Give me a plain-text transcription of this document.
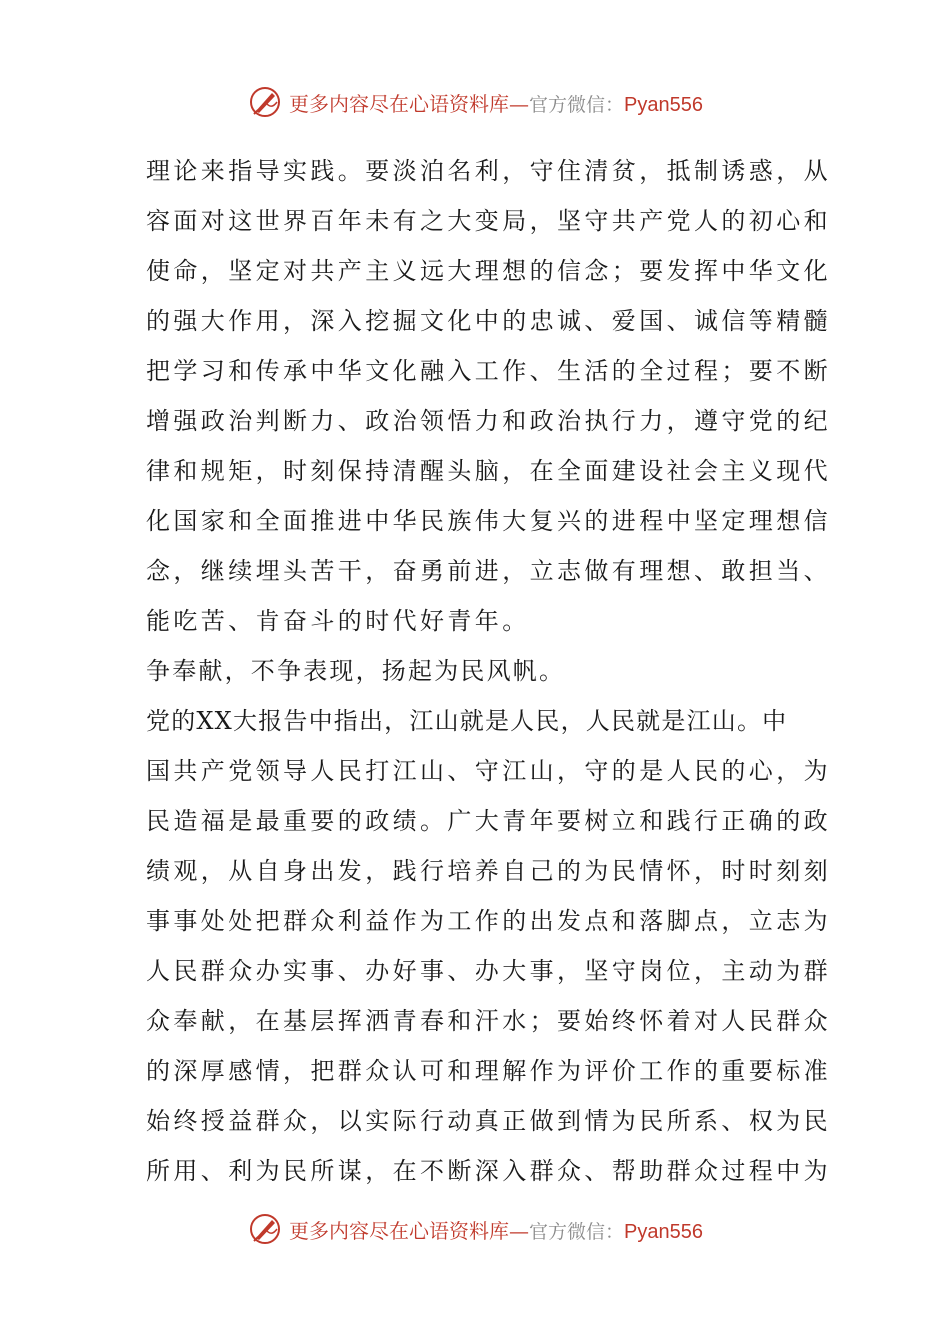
更多内容尽在心语资料库—官方微信：Pyan556
理论来指导实践。要淡泊名利，守住清贫，抵制诱惑，从
容面对这世界百年未有之大变局，坚守共产党人的初心和
使命，坚定对共产主义远大理想的信念；要发挥中华文化
的强大作用，深入挖掘文化中的忠诚、爱国、诚信等精髓
把学习和传承中华文化融入工作、生活的全过程；要不断
增强政治判断力、政治领悟力和政治执行力，遵守党的纪
律和规矩，时刻保持清醒头脑，在全面建设社会主义现代
化国家和全面推进中华民族伟大复兴的进程中坚定理想信
念，继续埋头苦干，奋勇前进，立志做有理想、敢担当、
能吃苦、肯奋斗的时代好青年。
争奉献，不争表现，扬起为民风帆。
党的XX大报告中指出，江山就是人民，人民就是江山。中
国共产党领导人民打江山、守江山，守的是人民的心，为
民造福是最重要的政绩。广大青年要树立和践行正确的政
绩观，从自身出发，践行培养自己的为民情怀，时时刻刻
事事处处把群众利益作为工作的出发点和落脚点，立志为
人民群众办实事、办好事、办大事，坚守岗位，主动为群
众奉献，在基层挥洒青春和汗水；要始终怀着对人民群众
的深厚感情，把群众认可和理解作为评价工作的重要标准
始终授益群众，以实际行动真正做到情为民所系、权为民
所用、利为民所谋，在不断深入群众、帮助群众过程中为
更多内容尽在心语资料库—官方微信：Pyan556
